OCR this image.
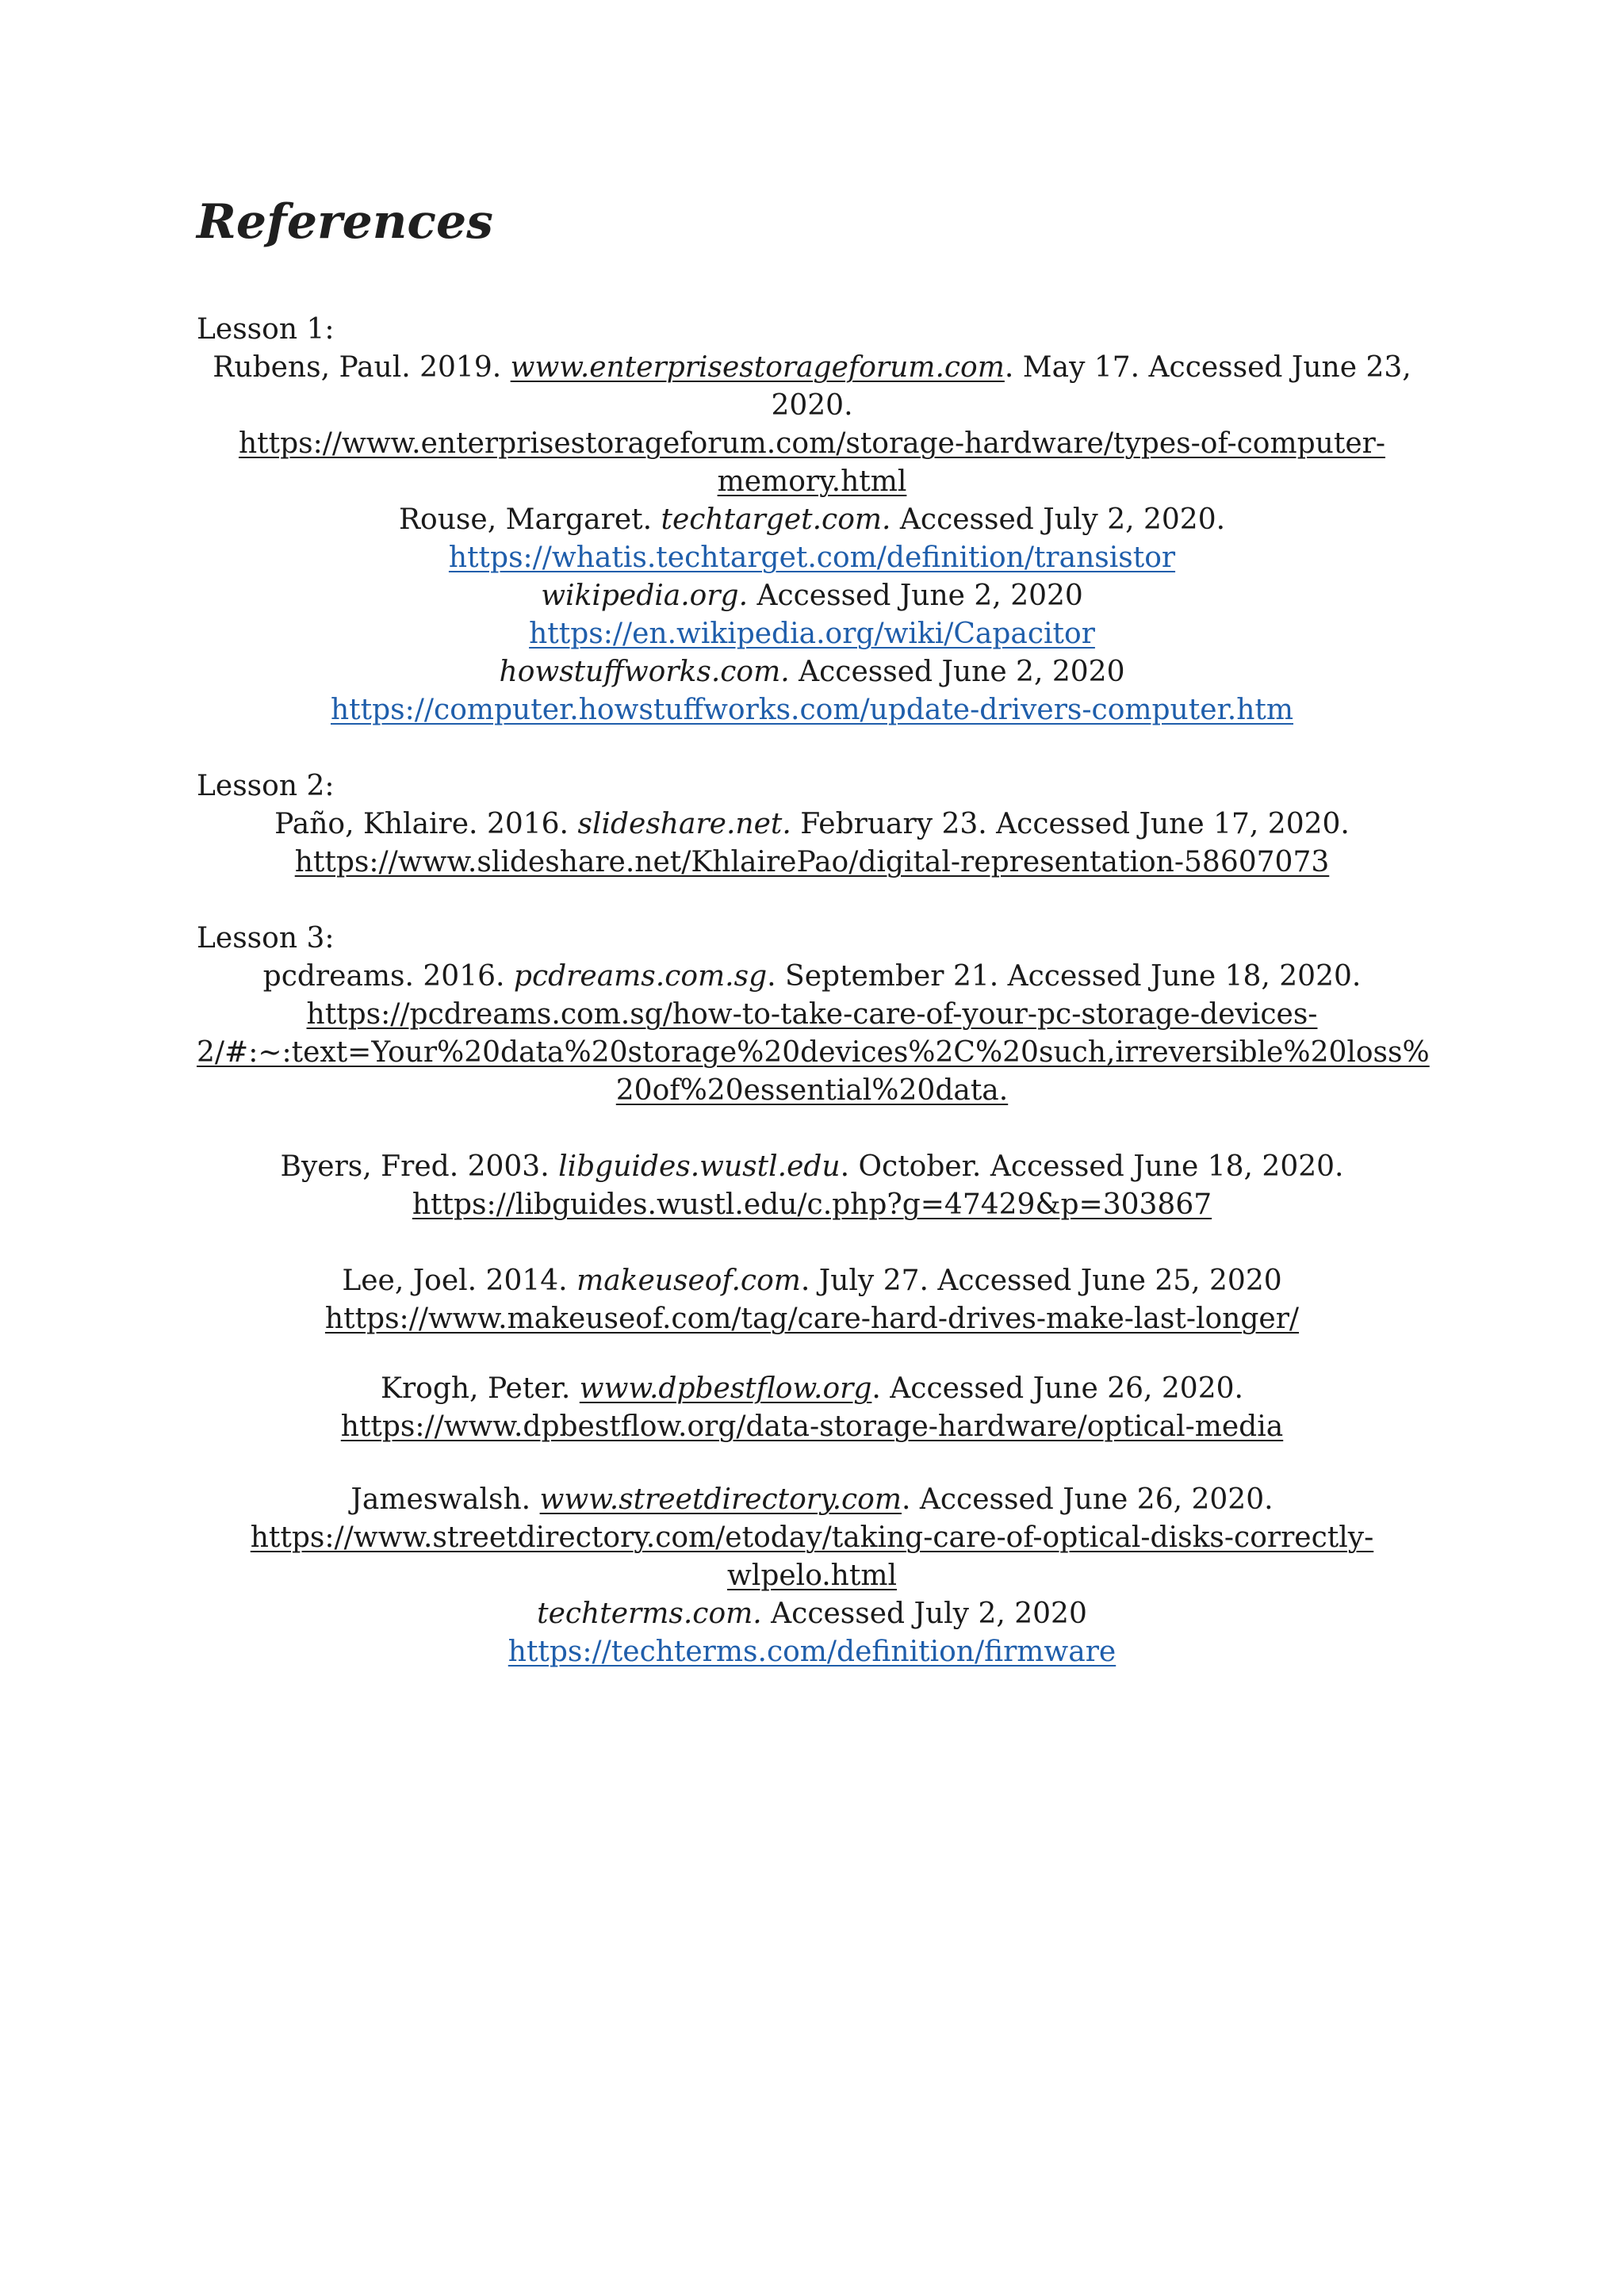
References
Lesson 1:
Rubens, Paul. 2019. www.enterprisestorageforum.com. May 17. Accessed June 23,
2020.
https://www.enterprisestorageforum.com/storage-hardware/types-of-computer-
memory.html
Rouse, Margaret. techtarget.com. Accessed July 2, 2020.
https://whatis.techtarget.com/definition/transistor
wikipedia.org. Accessed June 2, 2020
https://en.wikipedia.org/wiki/Capacitor
howstuffworks.com. Accessed June 2, 2020
https://computer.howstuffworks.com/update-drivers-computer.htm
Lesson 2:
Paño, Khlaire. 2016. slideshare.net. February 23. Accessed June 17, 2020.
https://www.slideshare.net/KhlairePao/digital-representation-58607073
Lesson 3:
pcdreams. 2016. pcdreams.com.sg. September 21. Accessed June 18, 2020.
https://pcdreams.com.sg/how-to-take-care-of-your-pc-storage-devices-
2/#:~:text=Your%20data%20storage%20devices%2C%20such,irreversible%20loss%
20of%20essential%20data.
Byers, Fred. 2003. libguides.wustl.edu. October. Accessed June 18, 2020.
https://libguides.wustl.edu/c.php?g=47429&p=303867
Lee, Joel. 2014. makeuseof.com. July 27. Accessed June 25, 2020
https://www.makeuseof.com/tag/care-hard-drives-make-last-longer/
Krogh, Peter. www.dpbestflow.org. Accessed June 26, 2020.
https://www.dpbestflow.org/data-storage-hardware/optical-media
Jameswalsh. www.streetdirectory.com. Accessed June 26, 2020.
https://www.streetdirectory.com/etoday/taking-care-of-optical-disks-correctly-
wlpelo.html
techterms.com. Accessed July 2, 2020
https://techterms.com/definition/firmware
